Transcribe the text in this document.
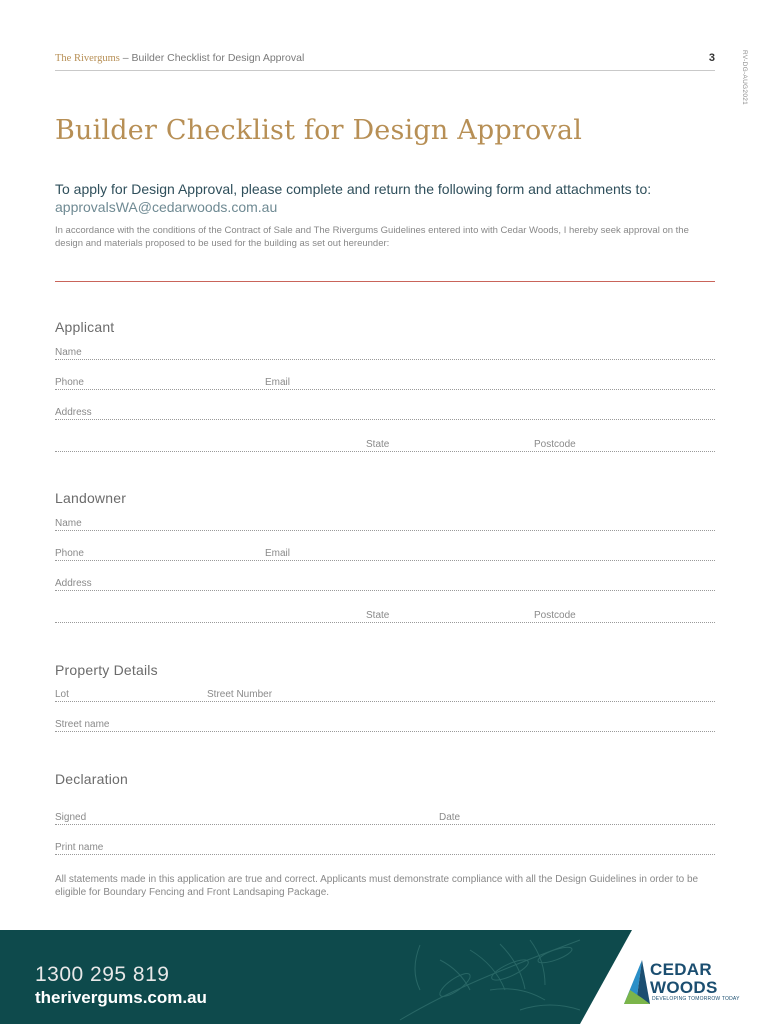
The Rivergums – Builder Checklist for Design Approval	3	RV-DG-AUG2021
Builder Checklist for Design Approval
To apply for Design Approval, please complete and return the following form and attachments to: approvalsWA@cedarwoods.com.au
In accordance with the conditions of the Contract of Sale and The Rivergums Guidelines entered into with Cedar Woods, I hereby seek approval on the design and materials proposed to be used for the building as set out hereunder:
Applicant
Name
Phone	Email
Address
State	Postcode
Landowner
Name
Phone	Email
Address
State	Postcode
Property Details
Lot	Street Number
Street name
Declaration
Signed	Date
Print name
All statements made in this application are true and correct. Applicants must demonstrate compliance with all the Design Guidelines in order to be eligible for Boundary Fencing and Front Landsaping Package.
1300 295 819
therivergums.com.au
CEDAR
WOODS
DEVELOPING TOMORROW TODAY
